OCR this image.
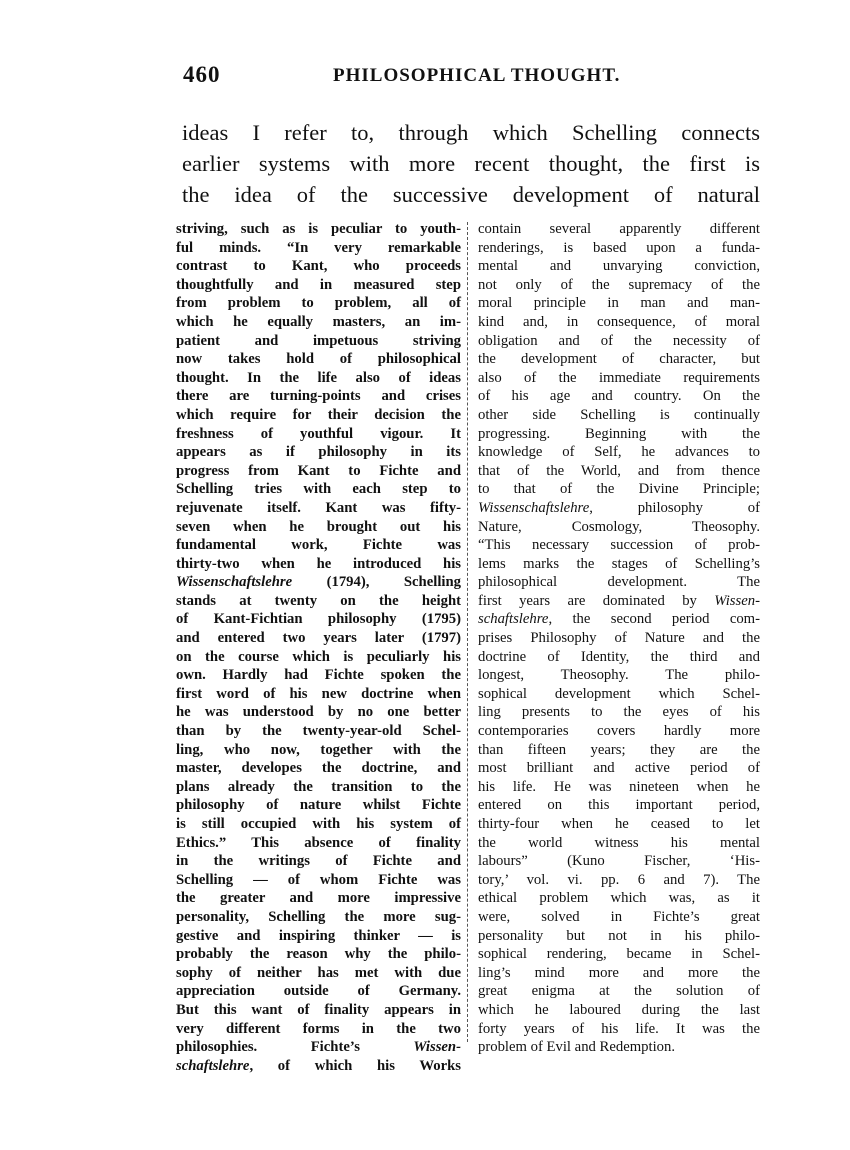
460	PHILOSOPHICAL THOUGHT.
ideas I refer to, through which Schelling connects
earlier systems with more recent thought, the first is
the idea of the successive development of natural
striving, such as is peculiar to youth-
ful minds. “In very remarkable
contrast to Kant, who proceeds
thoughtfully and in measured step
from problem to problem, all of
which he equally masters, an im-
patient and impetuous striving
now takes hold of philosophical
thought. In the life also of ideas
there are turning-points and crises
which require for their decision the
freshness of youthful vigour. It
appears as if philosophy in its
progress from Kant to Fichte and
Schelling tries with each step to
rejuvenate itself. Kant was fifty-
seven when he brought out his
fundamental work, Fichte was
thirty-two when he introduced his
Wissenschaftslehre (1794), Schelling
stands at twenty on the height
of Kant-Fichtian philosophy (1795)
and entered two years later (1797)
on the course which is peculiarly his
own. Hardly had Fichte spoken the
first word of his new doctrine when
he was understood by no one better
than by the twenty-year-old Schel-
ling, who now, together with the
master, developes the doctrine, and
plans already the transition to the
philosophy of nature whilst Fichte
is still occupied with his system of
Ethics.” This absence of finality
in the writings of Fichte and
Schelling — of whom Fichte was
the greater and more impressive
personality, Schelling the more sug-
gestive and inspiring thinker — is
probably the reason why the philo-
sophy of neither has met with due
appreciation outside of Germany.
But this want of finality appears in
very different forms in the two
philosophies. Fichte’s Wissen-
schaftslehre, of which his Works
contain several apparently different
renderings, is based upon a funda-
mental and unvarying conviction,
not only of the supremacy of the
moral principle in man and man-
kind and, in consequence, of moral
obligation and of the necessity of
the development of character, but
also of the immediate requirements
of his age and country. On the
other side Schelling is continually
progressing. Beginning with the
knowledge of Self, he advances to
that of the World, and from thence
to that of the Divine Principle;
Wissenschaftslehre, philosophy of
Nature, Cosmology, Theosophy.
“This necessary succession of prob-
lems marks the stages of Schelling’s
philosophical development. The
first years are dominated by Wissen-
schaftslehre, the second period com-
prises Philosophy of Nature and the
doctrine of Identity, the third and
longest, Theosophy. The philo-
sophical development which Schel-
ling presents to the eyes of his
contemporaries covers hardly more
than fifteen years; they are the
most brilliant and active period of
his life. He was nineteen when he
entered on this important period,
thirty-four when he ceased to let
the world witness his mental
labours” (Kuno Fischer, ‘His-
tory,’ vol. vi. pp. 6 and 7). The
ethical problem which was, as it
were, solved in Fichte’s great
personality but not in his philo-
sophical rendering, became in Schel-
ling’s mind more and more the
great enigma at the solution of
which he laboured during the last
forty years of his life. It was the
problem of Evil and Redemption.
